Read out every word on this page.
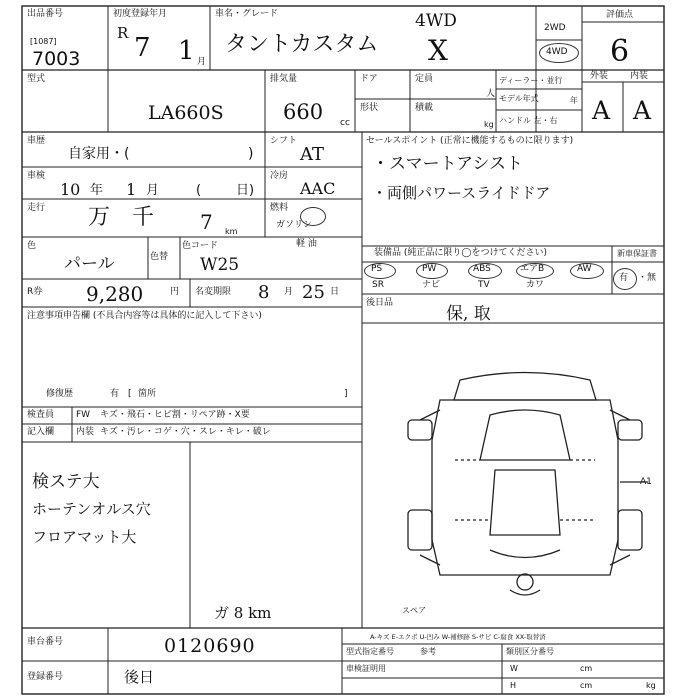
出品番号
[1087]
7003
初度登録年月
R 7 1 月
車名・グレード
タントカスタム
4WD
X
2WD
4WD
評価点
6
型式
LA660S
排気量
660 cc
ドア	定員
人
形状	積載
kg
ディーラー・並行
モデル年式	年
ハンドル 左・右
外装 内装
A A
車歴
自家用・(	)
シフト
AT
車検
10 年 1 月	(	日)
冷房
AAC
走行 万 千 7 km
燃料
ガソリン
軽 油
色
パール	色替
色コード
W25
R券 9,280	円 名変期限 8 月 25 日
セールスポイント (正常に機能するものに限ります)
・スマートアシスト
・両側パワースライドドア
装備品 (純正品に限り◯をつけてください)
PS	PW	ABS	エアB	AW
SR	ナビ	TV	カワ
新車保証書
有 ・無
後日品
保, 取
注意事項申告欄 (不具合内容等は具体的に記入して下さい)
修復歴	有 [ 箇所	]
検査員
記入欄
FW キズ・飛石・ヒビ割・リペア跡・X要
内装 キズ・汚レ・コゲ・穴・スレ・キレ・破レ
検ステ大
ホーテンオルス穴
フロアマット大
ガ 8 km
A1
スペア
車台番号	0120690
登録番号	後日
A-キズ E-エクボ U-凹み W-補修跡 S-サビ C-腐食 XX-取替済
型式指定番号	参考	類別区分番号
車検証明用	W	cm
H	cm	kg
